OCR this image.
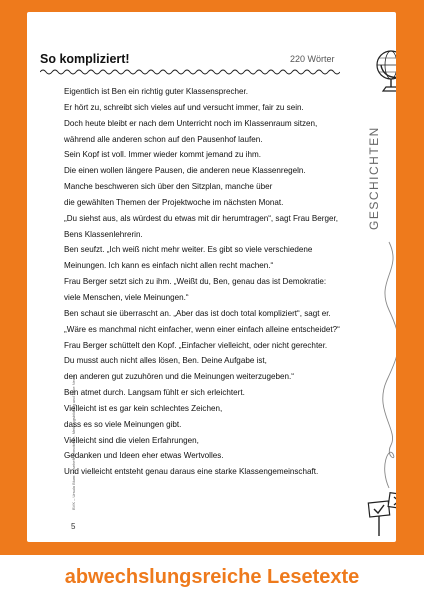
BVK – Ursula Blum: Leseheft Demokratie, Meinungsbildung und Fake News
GESCHICHTEN
5
So kompliziert!	220 Wörter
Eigentlich ist Ben ein richtig guter Klassensprecher.
Er hört zu, schreibt sich vieles auf und versucht immer, fair zu sein.
Doch heute bleibt er nach dem Unterricht noch im Klassenraum sitzen,
während alle anderen schon auf den Pausenhof laufen.
Sein Kopf ist voll. Immer wieder kommt jemand zu ihm.
Die einen wollen längere Pausen, die anderen neue Klassenregeln.
Manche beschweren sich über den Sitzplan, manche über
die gewählten Themen der Projektwoche im nächsten Monat.
„Du siehst aus, als würdest du etwas mit dir herumtragen“, sagt Frau Berger,
Bens Klassenlehrerin.
Ben seufzt. „Ich weiß nicht mehr weiter. Es gibt so viele verschiedene
Meinungen. Ich kann es einfach nicht allen recht machen.“
Frau Berger setzt sich zu ihm. „Weißt du, Ben, genau das ist Demokratie:
viele Menschen, viele Meinungen.“
Ben schaut sie überrascht an. „Aber das ist doch total kompliziert“, sagt er.
„Wäre es manchmal nicht einfacher, wenn einer einfach alleine entscheidet?“
Frau Berger schüttelt den Kopf. „Einfacher vielleicht, oder nicht gerechter.
Du musst auch nicht alles lösen, Ben. Deine Aufgabe ist,
den anderen gut zuzuhören und die Meinungen weiterzugeben.“
Ben atmet durch. Langsam fühlt er sich erleichtert.
Vielleicht ist es gar kein schlechtes Zeichen,
dass es so viele Meinungen gibt.
Vielleicht sind die vielen Erfahrungen,
Gedanken und Ideen eher etwas Wertvolles.
Und vielleicht entsteht genau daraus eine starke Klassengemeinschaft.
abwechslungsreiche Lesetexte
